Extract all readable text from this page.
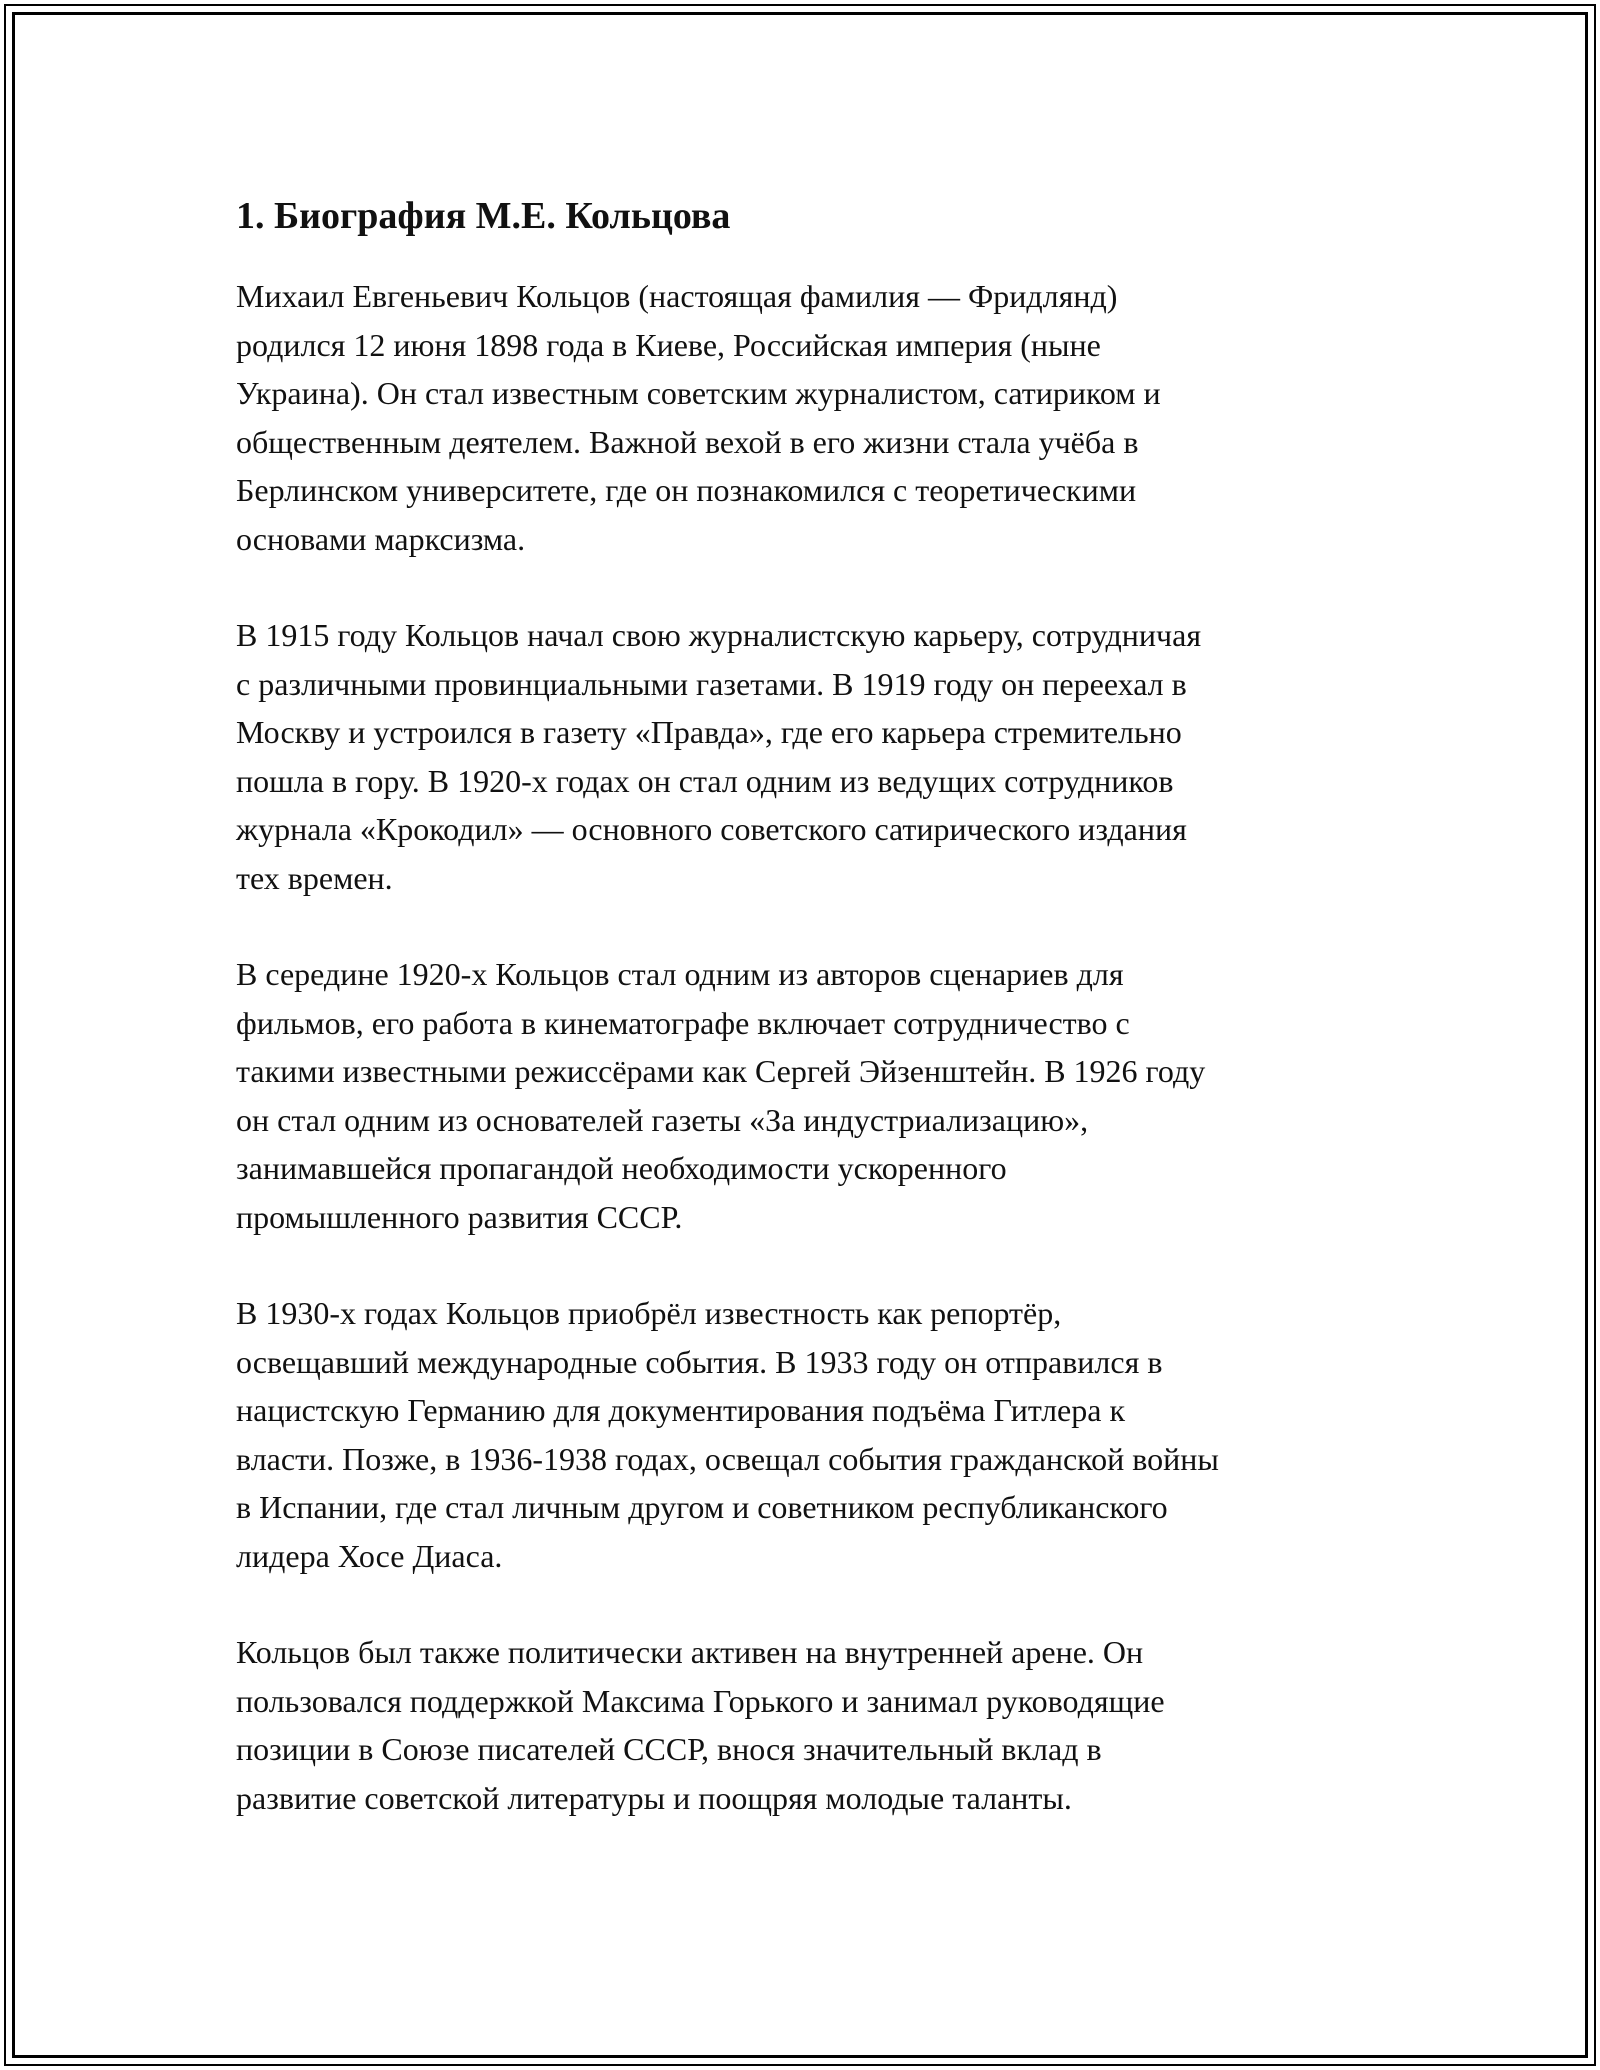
1. Биография М.Е. Кольцова

Михаил Евгеньевич Кольцов (настоящая фамилия — Фридлянд)
родился 12 июня 1898 года в Киеве, Российская империя (ныне
Украина). Он стал известным советским журналистом, сатириком и
общественным деятелем. Важной вехой в его жизни стала учёба в
Берлинском университете, где он познакомился с теоретическими
основами марксизма.

В 1915 году Кольцов начал свою журналистскую карьеру, сотрудничая
с различными провинциальными газетами. В 1919 году он переехал в
Москву и устроился в газету «Правда», где его карьера стремительно
пошла в гору. В 1920-х годах он стал одним из ведущих сотрудников
журнала «Крокодил» — основного советского сатирического издания
тех времен.

В середине 1920-х Кольцов стал одним из авторов сценариев для
фильмов, его работа в кинематографе включает сотрудничество с
такими известными режиссёрами как Сергей Эйзенштейн. В 1926 году
он стал одним из основателей газеты «За индустриализацию»,
занимавшейся пропагандой необходимости ускоренного
промышленного развития СССР.

В 1930-х годах Кольцов приобрёл известность как репортёр,
освещавший международные события. В 1933 году он отправился в
нацистскую Германию для документирования подъёма Гитлера к
власти. Позже, в 1936-1938 годах, освещал события гражданской войны
в Испании, где стал личным другом и советником республиканского
лидера Хосе Диаса.

Кольцов был также политически активен на внутренней арене. Он
пользовался поддержкой Максима Горького и занимал руководящие
позиции в Союзе писателей СССР, внося значительный вклад в
развитие советской литературы и поощряя молодые таланты.
